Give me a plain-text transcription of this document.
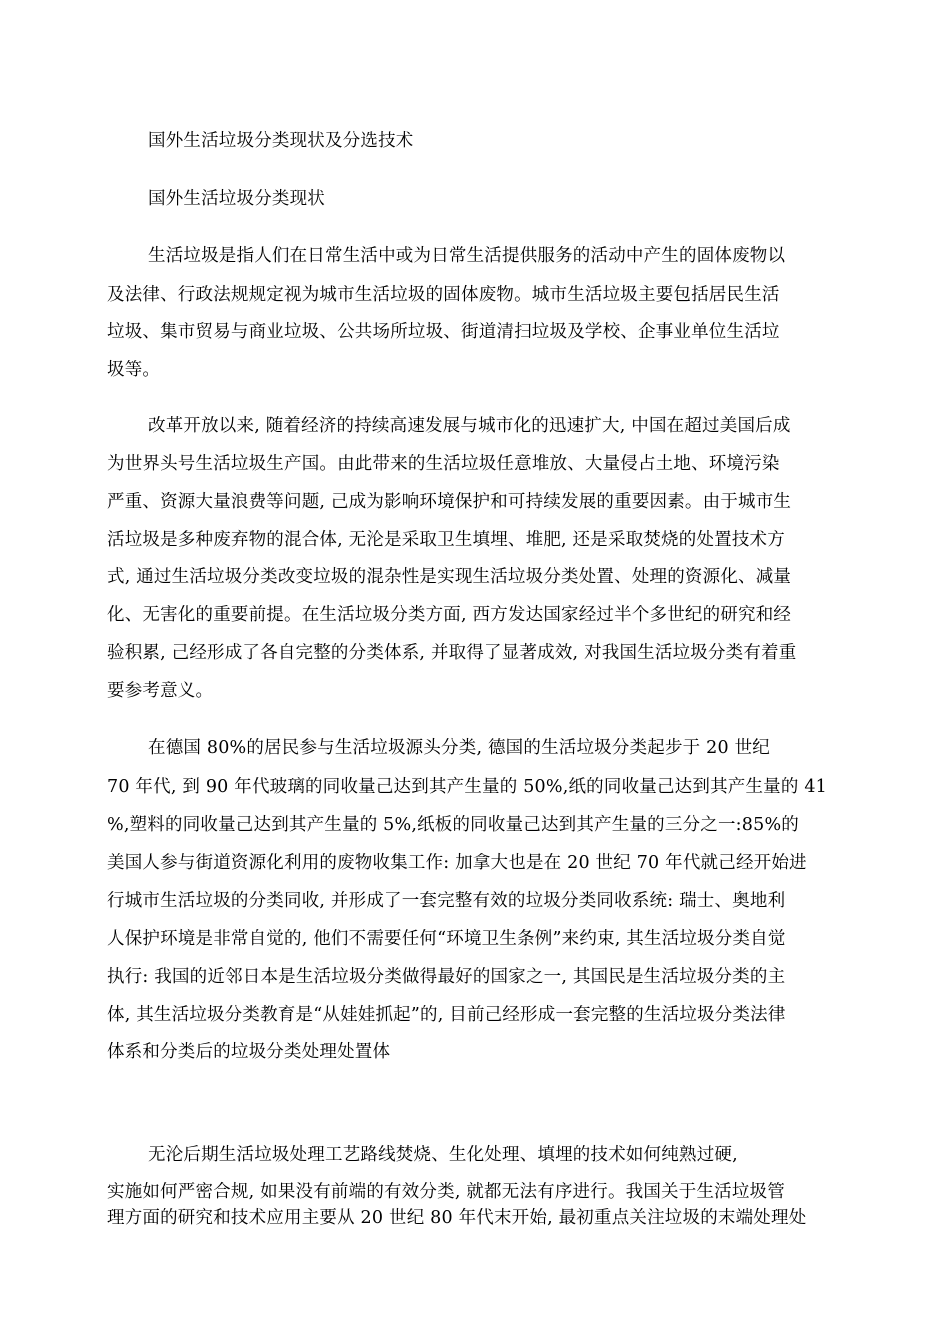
国外生活垃圾分类现状及分选技术
国外生活垃圾分类现状
生活垃圾是指人们在日常生活中或为日常生活提供服务的活动中产生的固体废物以
及法律、行政法规规定视为城市生活垃圾的固体废物。城市生活垃圾主要包括居民生活
垃圾、集市贸易与商业垃圾、公共场所垃圾、街道清扫垃圾及学校、企事业单位生活垃
圾等。
改革开放以来, 随着经济的持续高速发展与城市化的迅速扩大, 中国在超过美国后成
为世界头号生活垃圾生产国。由此带来的生活垃圾任意堆放、大量侵占土地、环境污染
严重、资源大量浪费等问题, 己成为影响环境保护和可持续发展的重要因素。由于城市生
活垃圾是多种废弃物的混合体, 无沦是采取卫生填埋、堆肥, 还是采取焚烧的处置技术方
式, 通过生活垃圾分类改变垃圾的混杂性是实现生活垃圾分类处置、处理的资源化、减量
化、无害化的重要前提。在生活垃圾分类方面, 西方发达国家经过半个多世纪的研究和经
验积累, 己经形成了各自完整的分类体系, 并取得了显著成效, 对我国生活垃圾分类有着重
要参考意义。
在德国 80%的居民参与生活垃圾源头分类, 德国的生活垃圾分类起步于 20 世纪
70 年代, 到 90 年代玻璃的同收量己达到其产生量的 50%,纸的同收量己达到其产生量的 41
%,塑料的同收量己达到其产生量的 5%,纸板的同收量己达到其产生量的三分之一:85%的
美国人参与街道资源化利用的废物收集工作: 加拿大也是在 20 世纪 70 年代就己经开始进
行城市生活垃圾的分类同收, 并形成了一套完整有效的垃圾分类同收系统: 瑞士、奥地利
人保护环境是非常自觉的, 他们不需要任何“环境卫生条例”来约束, 其生活垃圾分类自觉
执行: 我国的近邻日本是生活垃圾分类做得最好的国家之一, 其国民是生活垃圾分类的主
体, 其生活垃圾分类教育是“从娃娃抓起”的, 目前己经形成一套完整的生活垃圾分类法律
体系和分类后的垃圾分类处理处置体
无沦后期生活垃圾处理工艺路线焚烧、生化处理、填埋的技术如何纯熟过硬,
实施如何严密合规, 如果没有前端的有效分类, 就都无法有序进行。我国关于生活垃圾管
理方面的研究和技术应用主要从 20 世纪 80 年代末开始, 最初重点关注垃圾的末端处理处
